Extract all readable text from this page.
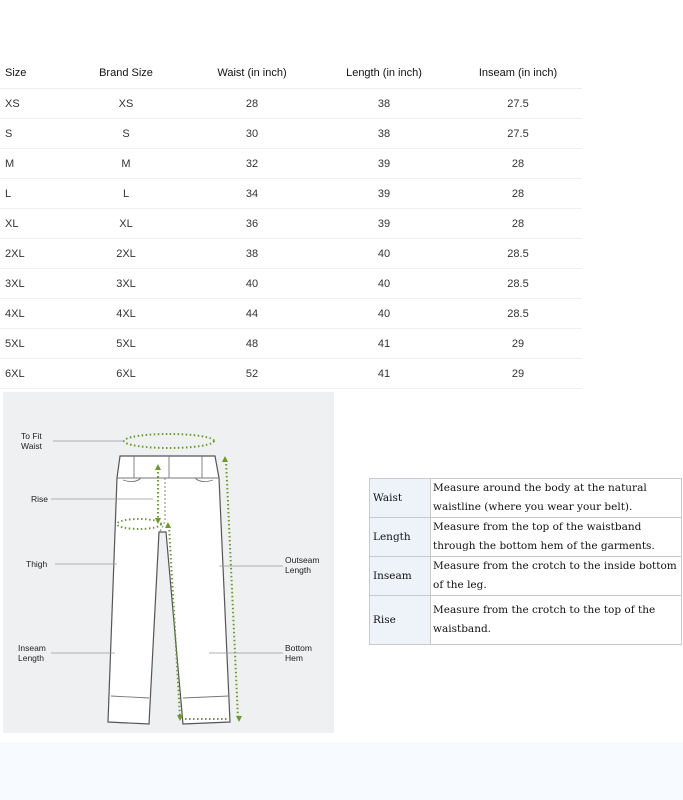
Size	Brand Size	Waist (in inch)	Length (in inch)	Inseam (in inch)
XS	XS	28	38	27.5
S	S	30	38	27.5
M	M	32	39	28
L	L	34	39	28
XL	XL	36	39	28
2XL	2XL	38	40	28.5
3XL	3XL	40	40	28.5
4XL	4XL	44	40	28.5
5XL	5XL	48	41	29
6XL	6XL	52	41	29
To Fit
Waist
Rise
Thigh
Inseam
Length
Outseam
Length
Bottom
Hem
Waist	Measure around the body at the natural
waistline (where you wear your belt).

Length	Measure from the top of the waistband
through the bottom hem of the garments.

Inseam	Measure from the crotch to the inside bottom
of the leg.

Rise	Measure from the crotch to the top of the
waistband.
